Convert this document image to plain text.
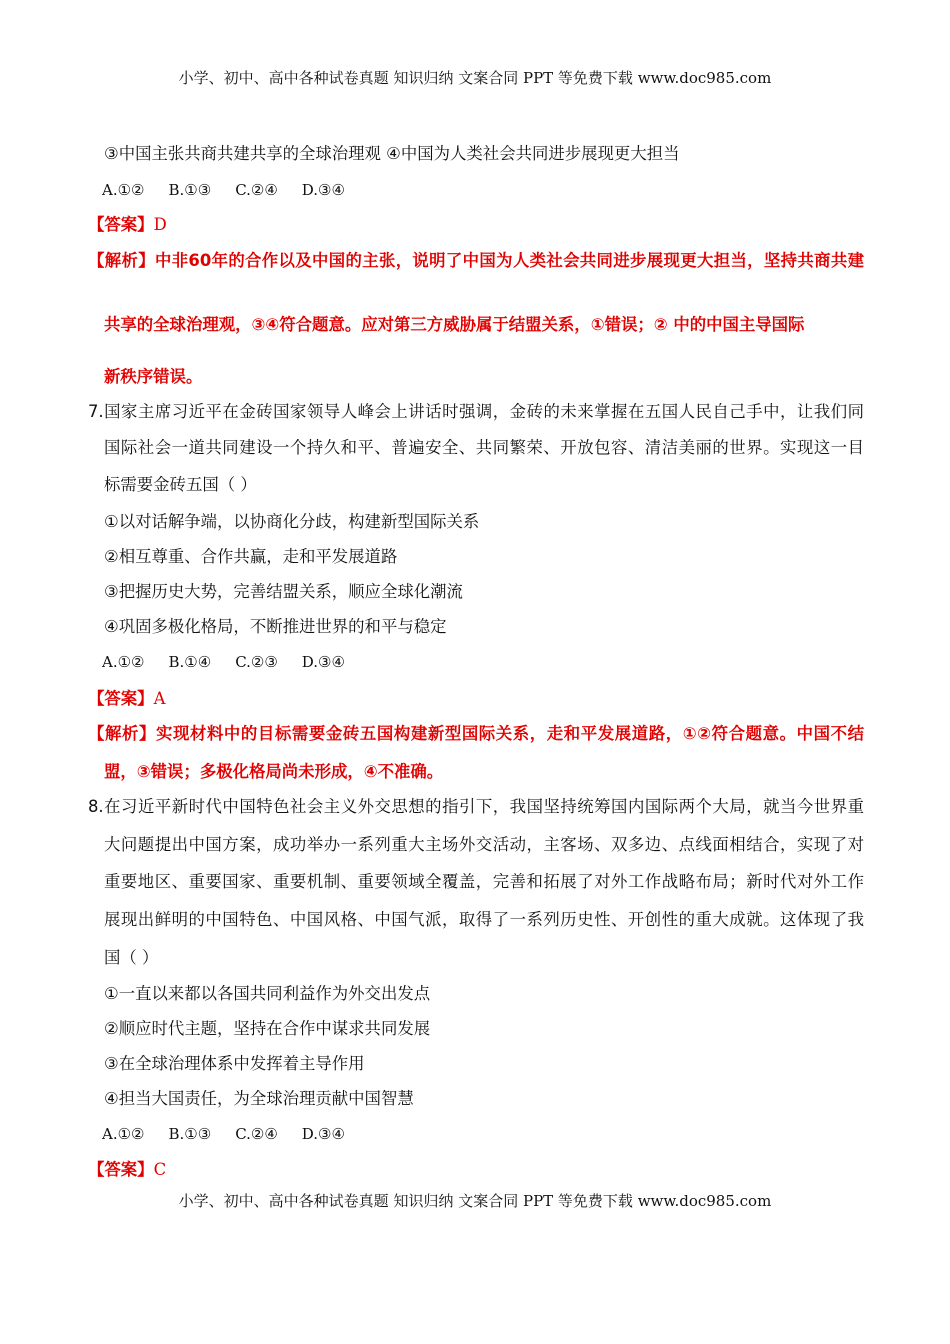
小学、初中、高中各种试卷真题 知识归纳 文案合同 PPT 等免费下载 www.doc985.com
③中国主张共商共建共享的全球治理观 ④中国为人类社会共同进步展现更大担当
A.①② B.①③ C.②④ D.③④
【答案】D
【解析】中非60年的合作以及中国的主张，说明了中国为人类社会共同进步展现更大担当，坚持共商共建
共享的全球治理观，③④符合题意。应对第三方威胁属于结盟关系，①错误；② 中的中国主导国际
新秩序错误。
7.国家主席习近平在金砖国家领导人峰会上讲话时强调，金砖的未来掌握在五国人民自己手中，让我们同
国际社会一道共同建设一个持久和平、普遍安全、共同繁荣、开放包容、清洁美丽的世界。实现这一目
标需要金砖五国（ ）
①以对话解争端，以协商化分歧，构建新型国际关系
②相互尊重、合作共赢，走和平发展道路
③把握历史大势，完善结盟关系，顺应全球化潮流
④巩固多极化格局，不断推进世界的和平与稳定
A.①② B.①④ C.②③ D.③④
【答案】A
【解析】实现材料中的目标需要金砖五国构建新型国际关系，走和平发展道路，①②符合题意。中国不结
盟，③错误；多极化格局尚未形成，④不准确。
8.在习近平新时代中国特色社会主义外交思想的指引下，我国坚持统筹国内国际两个大局，就当今世界重
大问题提出中国方案，成功举办一系列重大主场外交活动，主客场、双多边、点线面相结合，实现了对
重要地区、重要国家、重要机制、重要领域全覆盖，完善和拓展了对外工作战略布局；新时代对外工作
展现出鲜明的中国特色、中国风格、中国气派，取得了一系列历史性、开创性的重大成就。这体现了我
国（ ）
①一直以来都以各国共同利益作为外交出发点
②顺应时代主题，坚持在合作中谋求共同发展
③在全球治理体系中发挥着主导作用
④担当大国责任，为全球治理贡献中国智慧
A.①② B.①③ C.②④ D.③④
【答案】C
小学、初中、高中各种试卷真题 知识归纳 文案合同 PPT 等免费下载 www.doc985.com
